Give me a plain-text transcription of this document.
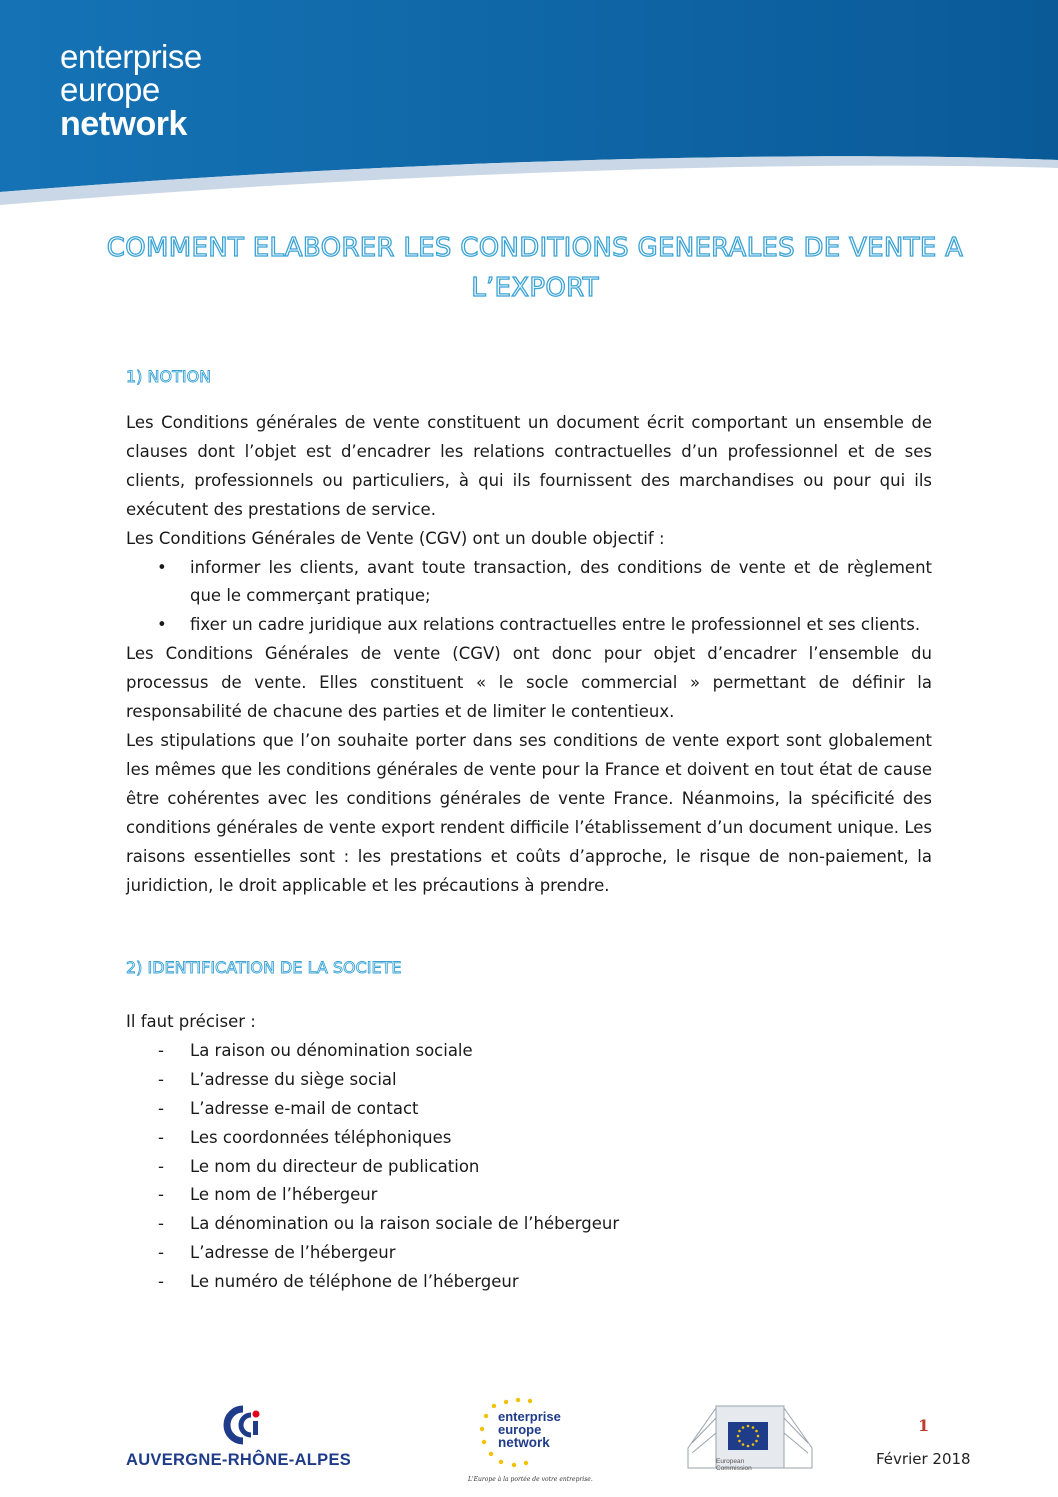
enterprise
europe
network
COMMENT ELABORER LES CONDITIONS GENERALES DE VENTE A
L’EXPORT
1) NOTION

Les Conditions générales de vente constituent un document écrit comportant un ensemble de clauses dont l’objet est d’encadrer les relations contractuelles d’un professionnel et de ses clients, professionnels ou particuliers, à qui ils fournissent des marchandises ou pour qui ils exécutent des prestations de service.

Les Conditions Générales de Vente (CGV) ont un double objectif :

• informer les clients, avant toute transaction, des conditions de vente et de règlement que le commerçant pratique;
• fixer un cadre juridique aux relations contractuelles entre le professionnel et ses clients.

Les Conditions Générales de vente (CGV) ont donc pour objet d’encadrer l’ensemble du processus de vente. Elles constituent « le socle commercial » permettant de définir la responsabilité de chacune des parties et de limiter le contentieux.

Les stipulations que l’on souhaite porter dans ses conditions de vente export sont globalement les mêmes que les conditions générales de vente pour la France et doivent en tout état de cause être cohérentes avec les conditions générales de vente France. Néanmoins, la spécificité des conditions générales de vente export rendent difficile l’établissement d’un document unique. Les raisons essentielles sont : les prestations et coûts d’approche, le risque de non-paiement, la juridiction, le droit applicable et les précautions à prendre.

2) IDENTIFICATION DE LA SOCIETE

Il faut préciser :

- La raison ou dénomination sociale
- L’adresse du siège social
- L’adresse e-mail de contact
- Les coordonnées téléphoniques
- Le nom du directeur de publication
- Le nom de l’hébergeur
- La dénomination ou la raison sociale de l’hébergeur
- L’adresse de l’hébergeur
- Le numéro de téléphone de l’hébergeur
AUVERGNE-RHÔNE-ALPES
enterprise
europe
network
L'Europe à la portée de votre entreprise.
European
Commission
1
Février 2018
